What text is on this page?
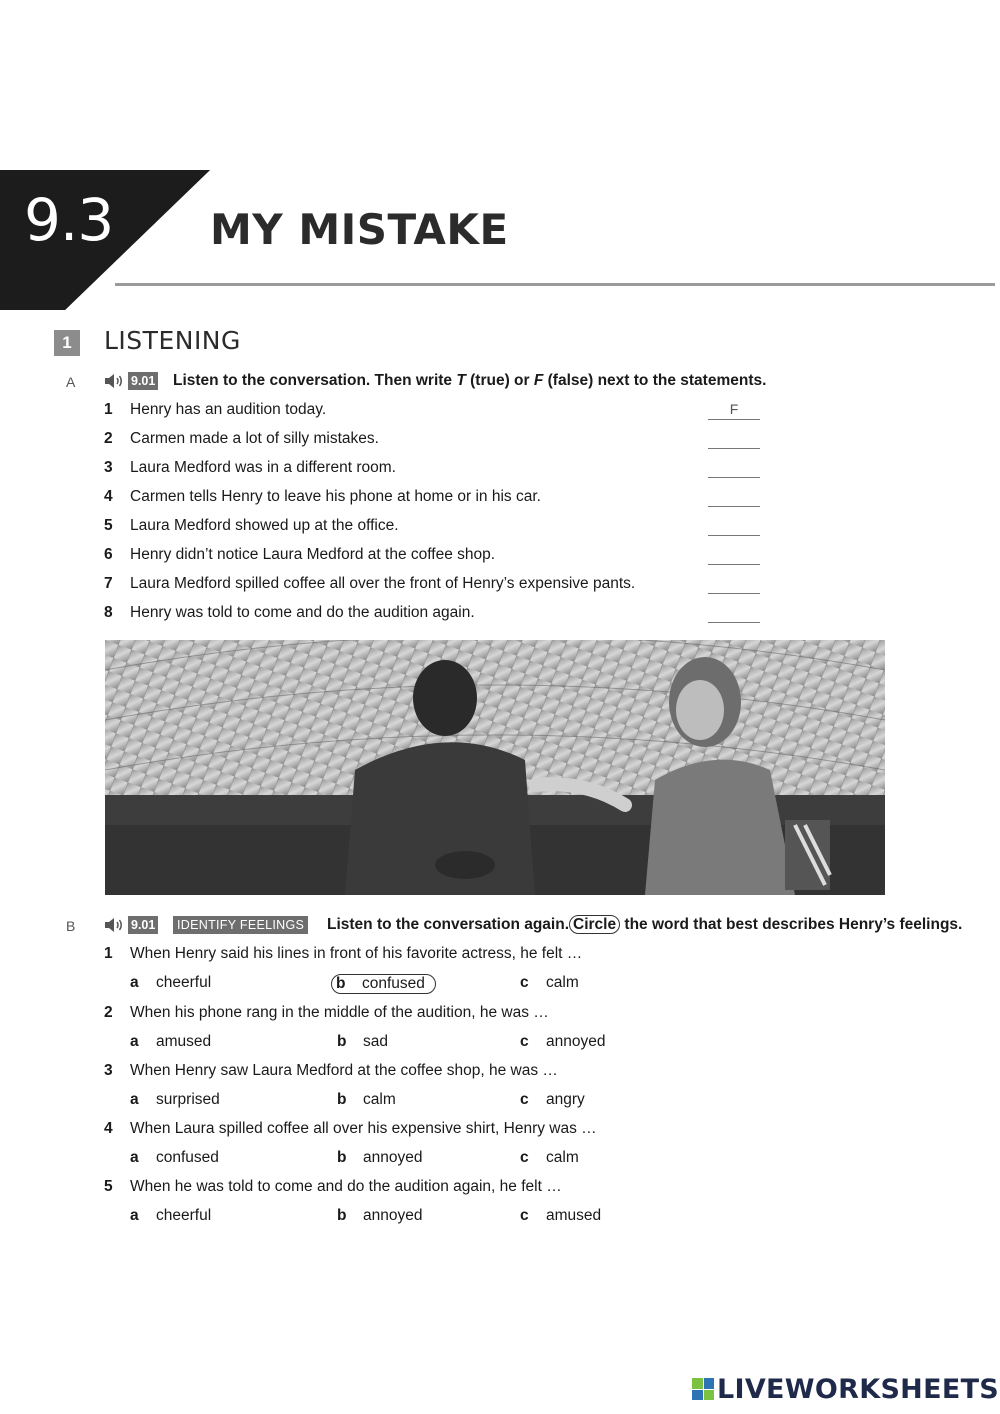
9.3 MY MISTAKE
1	LISTENING
A	9.01 Listen to the conversation. Then write T (true) or F (false) next to the statements.
1 Henry has an audition today.	F
2 Carmen made a lot of silly mistakes.
3 Laura Medford was in a different room.
4 Carmen tells Henry to leave his phone at home or in his car.
5 Laura Medford showed up at the office.
6 Henry didn’t notice Laura Medford at the coffee shop.
7 Laura Medford spilled coffee all over the front of Henry’s expensive pants.
8 Henry was told to come and do the audition again.
B	9.01	IDENTIFY FEELINGS Listen to the conversation again. Circle the word that best describes Henry’s feelings.
1 When Henry said his lines in front of his favorite actress, he felt …
a cheerful	b confused	c calm
2 When his phone rang in the middle of the audition, he was …
a amused	b sad	c annoyed
3 When Henry saw Laura Medford at the coffee shop, he was …
a surprised	b calm	c angry
4 When Laura spilled coffee all over his expensive shirt, Henry was …
a confused	b annoyed	c calm
5 When he was told to come and do the audition again, he felt …
a cheerful	b annoyed	c amused
LIVEWORKSHEETS
